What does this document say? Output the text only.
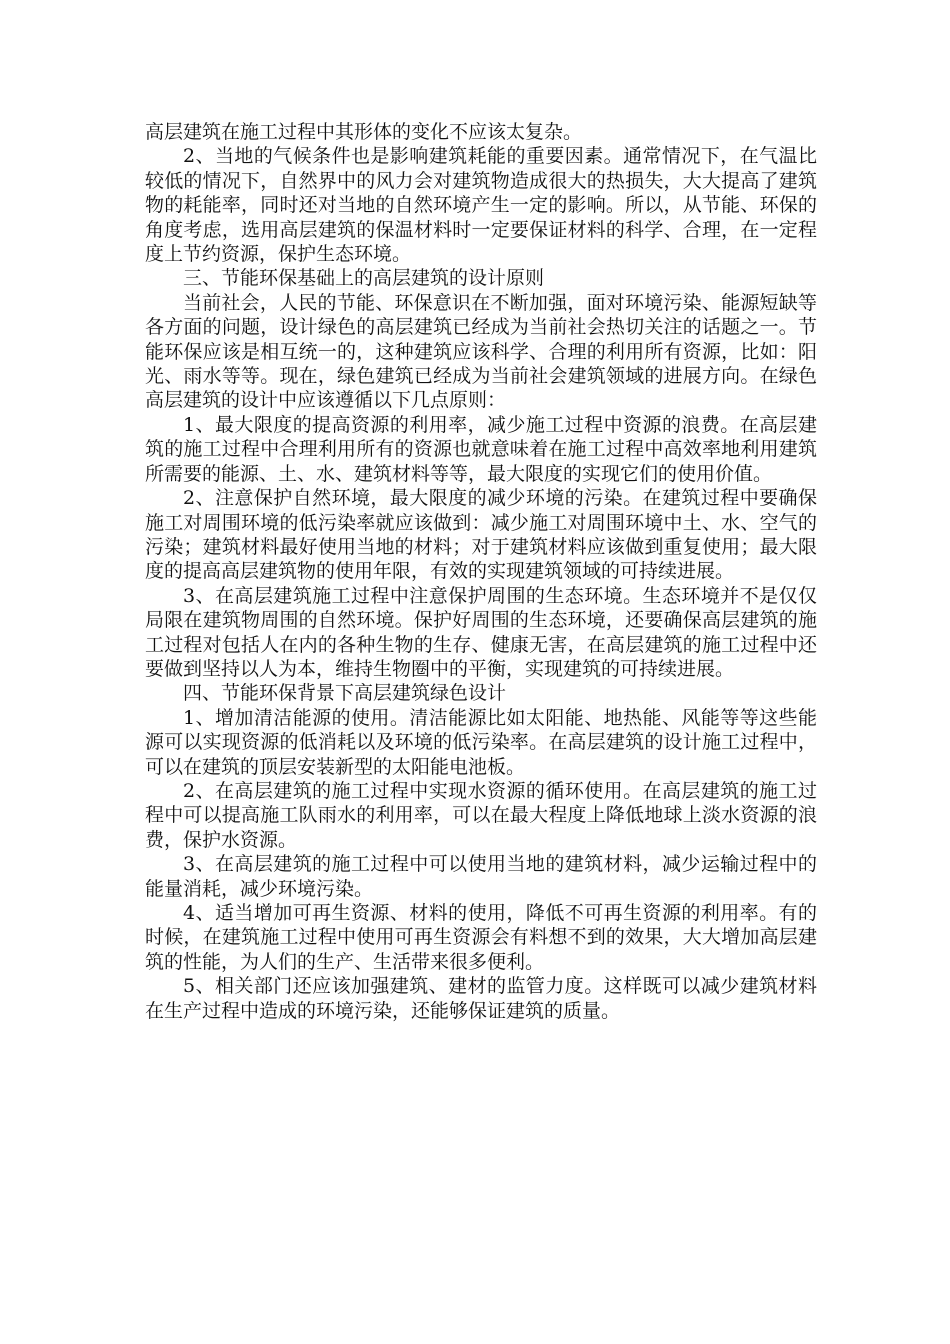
高层建筑在施工过程中其形体的变化不应该太复杂。

2、当地的气候条件也是影响建筑耗能的重要因素。通常情况下，在气温比较低的情况下，自然界中的风力会对建筑物造成很大的热损失，大大提高了建筑物的耗能率，同时还对当地的自然环境产生一定的影响。所以，从节能、环保的角度考虑，选用高层建筑的保温材料时一定要保证材料的科学、合理，在一定程度上节约资源，保护生态环境。

三、节能环保基础上的高层建筑的设计原则

当前社会，人民的节能、环保意识在不断加强，面对环境污染、能源短缺等各方面的问题，设计绿色的高层建筑已经成为当前社会热切关注的话题之一。节能环保应该是相互统一的，这种建筑应该科学、合理的利用所有资源，比如：阳光、雨水等等。现在，绿色建筑已经成为当前社会建筑领域的进展方向。在绿色高层建筑的设计中应该遵循以下几点原则：

1、最大限度的提高资源的利用率，减少施工过程中资源的浪费。在高层建筑的施工过程中合理利用所有的资源也就意味着在施工过程中高效率地利用建筑所需要的能源、土、水、建筑材料等等，最大限度的实现它们的使用价值。

2、注意保护自然环境，最大限度的减少环境的污染。在建筑过程中要确保施工对周围环境的低污染率就应该做到：减少施工对周围环境中土、水、空气的污染；建筑材料最好使用当地的材料；对于建筑材料应该做到重复使用；最大限度的提高高层建筑物的使用年限，有效的实现建筑领域的可持续进展。

3、在高层建筑施工过程中注意保护周围的生态环境。生态环境并不是仅仅局限在建筑物周围的自然环境。保护好周围的生态环境，还要确保高层建筑的施工过程对包括人在内的各种生物的生存、健康无害，在高层建筑的施工过程中还要做到坚持以人为本，维持生物圈中的平衡，实现建筑的可持续进展。

四、节能环保背景下高层建筑绿色设计

1、增加清洁能源的使用。清洁能源比如太阳能、地热能、风能等等这些能源可以实现资源的低消耗以及环境的低污染率。在高层建筑的设计施工过程中，可以在建筑的顶层安装新型的太阳能电池板。

2、在高层建筑的施工过程中实现水资源的循环使用。在高层建筑的施工过程中可以提高施工队雨水的利用率，可以在最大程度上降低地球上淡水资源的浪费，保护水资源。

3、在高层建筑的施工过程中可以使用当地的建筑材料，减少运输过程中的能量消耗，减少环境污染。

4、适当增加可再生资源、材料的使用，降低不可再生资源的利用率。有的时候，在建筑施工过程中使用可再生资源会有料想不到的效果，大大增加高层建筑的性能，为人们的生产、生活带来很多便利。

5、相关部门还应该加强建筑、建材的监管力度。这样既可以减少建筑材料在生产过程中造成的环境污染，还能够保证建筑的质量。
